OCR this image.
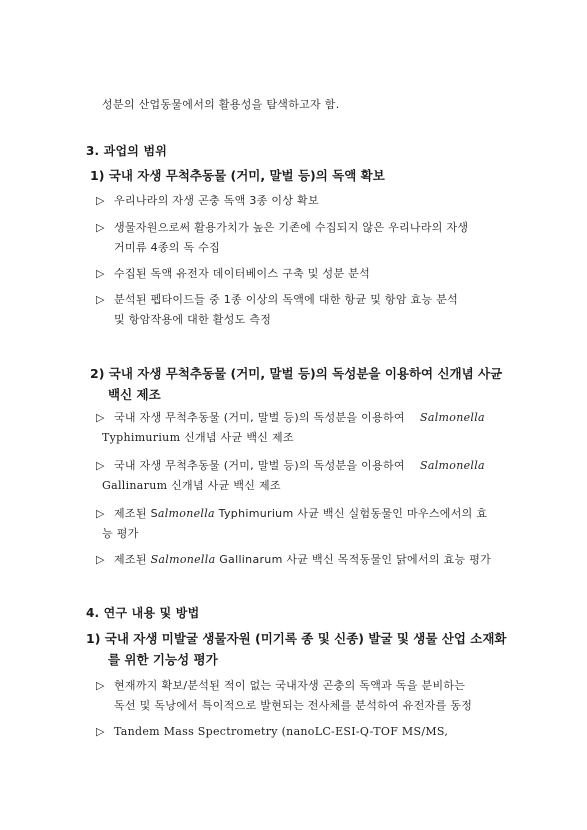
성분의 산업동물에서의 활용성을 탐색하고자 함.
3. 과업의 범위
1) 국내 자생 무척추동물 (거미, 말벌 등)의 독액 확보
▷ 우리나라의 자생 곤충 독액 3종 이상 확보
▷ 생물자원으로써 활용가치가 높은 기존에 수집되지 않은 우리나라의 자생
거미류 4종의 독 수집
▷ 수집된 독액 유전자 데이터베이스 구축 및 성분 분석
▷ 분석된 펩타이드들 중 1종 이상의 독액에 대한 항균 및 항암 효능 분석
및 항암작용에 대한 활성도 측정
2) 국내 자생 무척추동물 (거미, 말벌 등)의 독성분을 이용하여 신개념 사균
백신 제조
▷ 국내 자생 무척추동물 (거미, 말벌 등)의 독성분을 이용하여 Salmonella
Typhimurium 신개념 사균 백신 제조
▷ 국내 자생 무척추동물 (거미, 말벌 등)의 독성분을 이용하여 Salmonella
Gallinarum 신개념 사균 백신 제조
▷ 제조된 Salmonella Typhimurium 사균 백신 실험동물인 마우스에서의 효
능 평가
▷ 제조된 Salmonella Gallinarum 사균 백신 목적동물인 닭에서의 효능 평가
4. 연구 내용 및 방법
1) 국내 자생 미발굴 생물자원 (미기록 종 및 신종) 발굴 및 생물 산업 소재화
를 위한 기능성 평가
▷ 현재까지 확보/분석된 적이 없는 국내자생 곤충의 독액과 독을 분비하는
독선 및 독낭에서 특이적으로 발현되는 전사체를 분석하여 유전자를 동정
▷ Tandem Mass Spectrometry (nanoLC-ESI-Q-TOF MS/MS,
